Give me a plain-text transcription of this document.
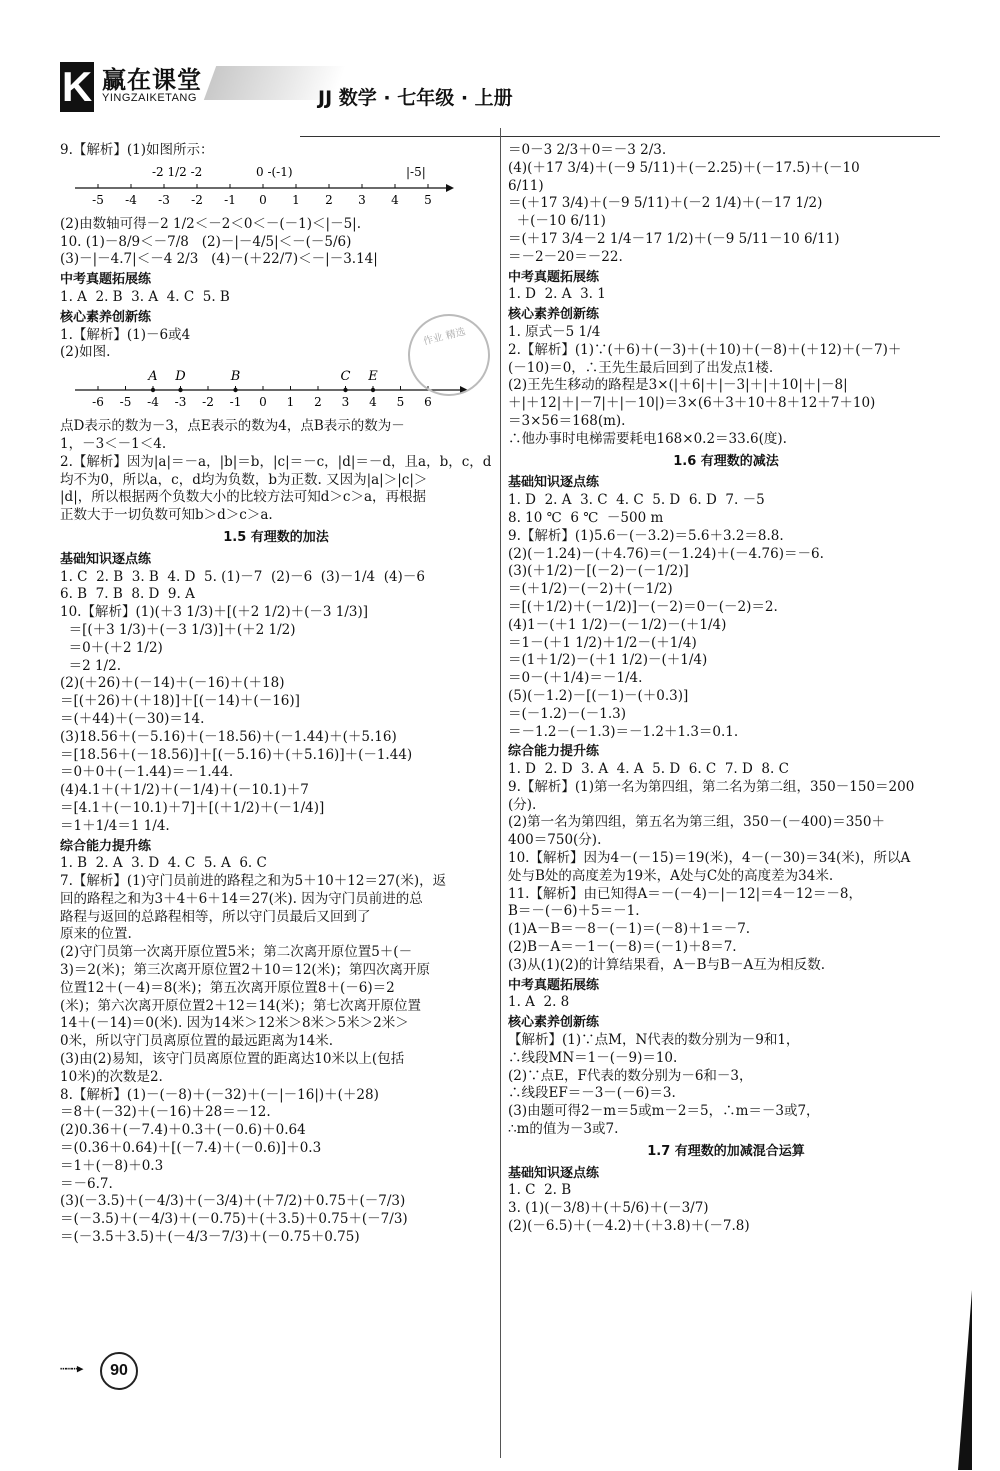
K 赢在课堂
YINGZAIKETANG	JJ 数学 · 七年级 · 上册

9.【解析】(1)如图所示：

-2 1/2 -2	0 -(-1)	|-5|
-5 -4 -3 -2 -1 0 1 2 3 4 5

(2)由数轴可得－2 1/2＜－2＜0＜－(－1)＜|－5|.

10. (1)－8/9＜－7/8   (2)－|－4/5|＜－(－5/6)

(3)－|－4.7|＜－4 2/3   (4)－(＋22/7)＜－|－3.14|

中考真题拓展练

1. A  2. B  3. A  4. C  5. B

核心素养创新练

1.【解析】(1)－6或4

(2)如图.

A D	B	C E
-6 -5 -4 -3 -2 -1 0 1 2 3 4 5 6

点D表示的数为－3，点E表示的数为4，点B表示的数为－

1，－3＜－1＜4.

2.【解析】因为|a|＝－a，|b|＝b，|c|＝－c，|d|＝－d，且a，b，c，d

均不为0，所以a，c，d均为负数，b为正数. 又因为|a|＞|c|＞

|d|，所以根据两个负数大小的比较方法可知d＞c＞a，再根据

正数大于一切负数可知b＞d＞c＞a.

1.5 有理数的加法

基础知识逐点练

1. C  2. B  3. B  4. D  5. (1)－7  (2)－6  (3)－1/4  (4)－6

6. B  7. B  8. D  9. A

10.【解析】(1)(＋3 1/3)＋[(＋2 1/2)＋(－3 1/3)]

＝[(＋3 1/3)＋(－3 1/3)]＋(＋2 1/2)

＝0＋(＋2 1/2)

＝2 1/2.

(2)(＋26)＋(－14)＋(－16)＋(＋18)

＝[(＋26)＋(＋18)]＋[(－14)＋(－16)]

＝(＋44)＋(－30)＝14.

(3)18.56＋(－5.16)＋(－18.56)＋(－1.44)＋(＋5.16)

＝[18.56＋(－18.56)]＋[(－5.16)＋(＋5.16)]＋(－1.44)

＝0＋0＋(－1.44)＝－1.44.

(4)4.1＋(＋1/2)＋(－1/4)＋(－10.1)＋7

＝[4.1＋(－10.1)＋7]＋[(＋1/2)＋(－1/4)]

＝1＋1/4＝1 1/4.

综合能力提升练

1. B  2. A  3. D  4. C  5. A  6. C

7.【解析】(1)守门员前进的路程之和为5＋10＋12＝27(米)，返

回的路程之和为3＋4＋6＋14＝27(米). 因为守门员前进的总

路程与返回的总路程相等，所以守门员最后又回到了

原来的位置.

(2)守门员第一次离开原位置5米；第二次离开原位置5＋(－

3)＝2(米)；第三次离开原位置2＋10＝12(米)；第四次离开原

位置12＋(－4)＝8(米)；第五次离开原位置8＋(－6)＝2

(米)；第六次离开原位置2＋12＝14(米)；第七次离开原位置

14＋(－14)＝0(米). 因为14米＞12米＞8米＞5米＞2米＞

0米，所以守门员离原位置的最远距离为14米.

(3)由(2)易知，该守门员离原位置的距离达10米以上(包括

10米)的次数是2.

8.【解析】(1)－(－8)＋(－32)＋(－|－16|)＋(＋28)

＝8＋(－32)＋(－16)＋28＝－12.

(2)0.36＋(－7.4)＋0.3＋(－0.6)＋0.64

＝(0.36＋0.64)＋[(－7.4)＋(－0.6)]＋0.3

＝1＋(－8)＋0.3

＝－6.7.

(3)(－3.5)＋(－4/3)＋(－3/4)＋(＋7/2)＋0.75＋(－7/3)

＝(－3.5)＋(－4/3)＋(－0.75)＋(＋3.5)＋0.75＋(－7/3)

＝(－3.5＋3.5)＋(－4/3－7/3)＋(－0.75＋0.75)

＝0－3 2/3＋0＝－3 2/3.

(4)(＋17 3/4)＋(－9 5/11)＋(－2.25)＋(－17.5)＋(－10

6/11)

＝(＋17 3/4)＋(－9 5/11)＋(－2 1/4)＋(－17 1/2)

＋(－10 6/11)

＝(＋17 3/4－2 1/4－17 1/2)＋(－9 5/11－10 6/11)

＝－2－20＝－22.

中考真题拓展练

1. D  2. A  3. 1

核心素养创新练

1. 原式－5 1/4

2.【解析】(1)∵(＋6)＋(－3)＋(＋10)＋(－8)＋(＋12)＋(－7)＋

(－10)＝0，∴王先生最后回到了出发点1楼.

(2)王先生移动的路程是3×(|＋6|＋|－3|＋|＋10|＋|－8|

＋|＋12|＋|－7|＋|－10|)＝3×(6＋3＋10＋8＋12＋7＋10)

＝3×56＝168(m).

∴他办事时电梯需要耗电168×0.2＝33.6(度).

1.6 有理数的减法

基础知识逐点练

1. D  2. A  3. C  4. C  5. D  6. D  7. －5

8. 10 ℃  6 ℃  －500 m

9.【解析】(1)5.6－(－3.2)＝5.6＋3.2＝8.8.

(2)(－1.24)－(＋4.76)＝(－1.24)＋(－4.76)＝－6.

(3)(＋1/2)－[(－2)－(－1/2)]

＝(＋1/2)－(－2)＋(－1/2)

＝[(＋1/2)＋(－1/2)]－(－2)＝0－(－2)＝2.

(4)1－(＋1 1/2)－(－1/2)－(＋1/4)

＝1－(＋1 1/2)＋1/2－(＋1/4)

＝(1＋1/2)－(＋1 1/2)－(＋1/4)

＝0－(＋1/4)＝－1/4.

(5)(－1.2)－[(－1)－(＋0.3)]

＝(－1.2)－(－1.3)

＝－1.2－(－1.3)＝－1.2＋1.3＝0.1.

综合能力提升练

1. D  2. D  3. A  4. A  5. D  6. C  7. D  8. C

9.【解析】(1)第一名为第四组，第二名为第二组，350－150＝200

(分).

(2)第一名为第四组，第五名为第三组，350－(－400)＝350＋

400＝750(分).

10.【解析】因为4－(－15)＝19(米)，4－(－30)＝34(米)，所以A

处与B处的高度差为19米，A处与C处的高度差为34米.

11.【解析】由已知得A＝－(－4)－|－12|＝4－12＝－8，

B＝－(－6)＋5＝－1.

(1)A－B＝－8－(－1)＝(－8)＋1＝－7.

(2)B－A＝－1－(－8)＝(－1)＋8＝7.

(3)从(1)(2)的计算结果看，A－B与B－A互为相反数.

中考真题拓展练

1. A  2. 8

核心素养创新练

【解析】(1)∵点M，N代表的数分别为－9和1，

∴线段MN＝1－(－9)＝10.

(2)∵点E，F代表的数分别为－6和－3，

∴线段EF＝－3－(－6)＝3.

(3)由题可得2－m＝5或m－2＝5，∴m＝－3或7，

∴m的值为－3或7.

1.7 有理数的加减混合运算

基础知识逐点练

1. C  2. B

3. (1)(－3/8)＋(＋5/6)＋(－3/7)

(2)(－6.5)＋(－4.2)＋(＋3.8)＋(－7.8)

作业 精选
⋯⋯⋯▶	90
